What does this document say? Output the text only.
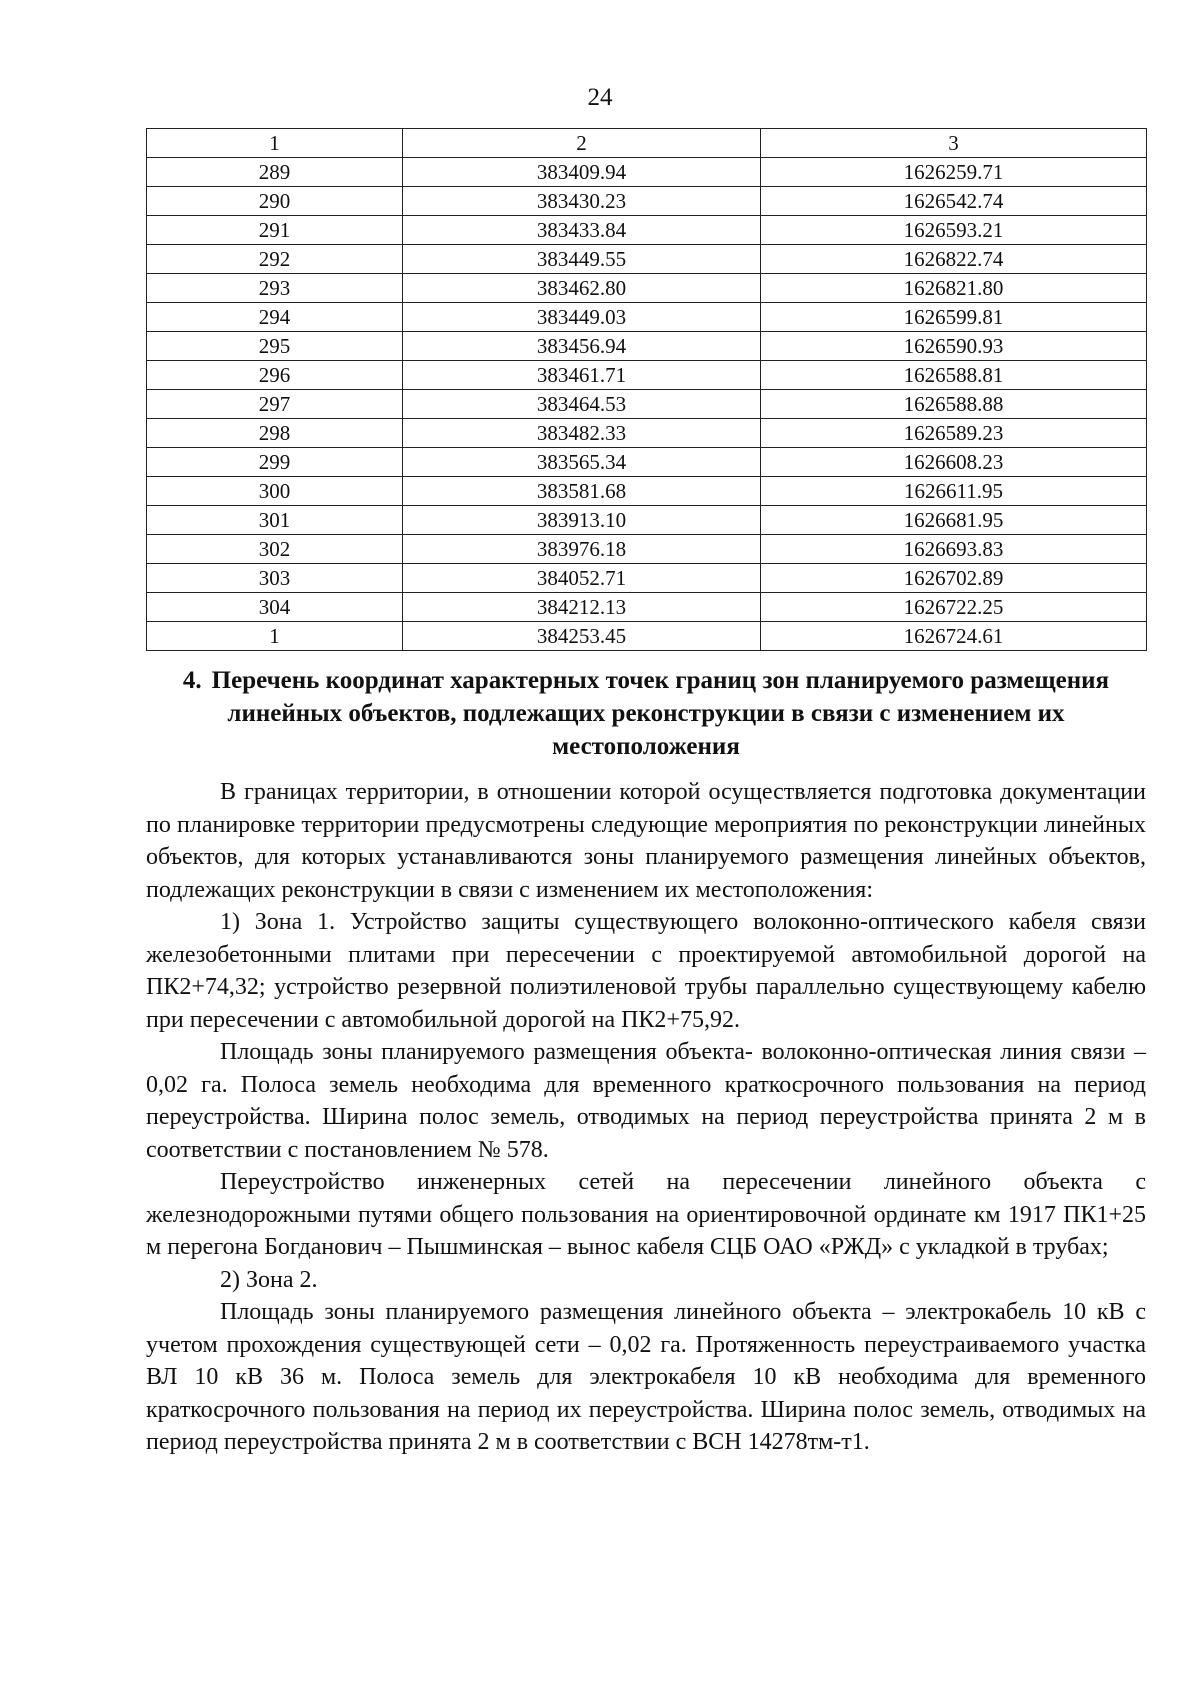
24
1	2	3
289	383409.94	1626259.71
290	383430.23	1626542.74
291	383433.84	1626593.21
292	383449.55	1626822.74
293	383462.80	1626821.80
294	383449.03	1626599.81
295	383456.94	1626590.93
296	383461.71	1626588.81
297	383464.53	1626588.88
298	383482.33	1626589.23
299	383565.34	1626608.23
300	383581.68	1626611.95
301	383913.10	1626681.95
302	383976.18	1626693.83
303	384052.71	1626702.89
304	384212.13	1626722.25
1	384253.45	1626724.61
4. Перечень координат характерных точек границ зон планируемого размещения линейных объектов, подлежащих реконструкции в связи с изменением их местоположения

В границах территории, в отношении которой осуществляется подготовка документации по планировке территории предусмотрены следующие мероприятия по реконструкции линейных объектов, для которых устанавливаются зоны планируемого размещения линейных объектов, подлежащих реконструкции в связи с изменением их местоположения:

1) Зона 1. Устройство защиты существующего волоконно-оптического кабеля связи железобетонными плитами при пересечении с проектируемой автомобильной дорогой на ПК2+74,32; устройство резервной полиэтиленовой трубы параллельно существующему кабелю при пересечении с автомобильной дорогой на ПК2+75,92.

Площадь зоны планируемого размещения объекта- волоконно-оптическая линия связи – 0,02 га. Полоса земель необходима для временного краткосрочного пользования на период переустройства. Ширина полос земель, отводимых на период переустройства принята 2 м в соответствии с постановлением № 578.

Переустройство инженерных сетей на пересечении линейного объекта с железнодорожными путями общего пользования на ориентировочной ординате км 1917 ПК1+25 м перегона Богданович – Пышминская – вынос кабеля СЦБ ОАО «РЖД» с укладкой в трубах;

2) Зона 2.

Площадь зоны планируемого размещения линейного объекта – электрокабель 10 кВ с учетом прохождения существующей сети – 0,02 га. Протяженность переустраиваемого участка ВЛ 10 кВ 36 м. Полоса земель для электрокабеля 10 кВ необходима для временного краткосрочного пользования на период их переустройства. Ширина полос земель, отводимых на период переустройства принята 2 м в соответствии с ВСН 14278тм-т1.
